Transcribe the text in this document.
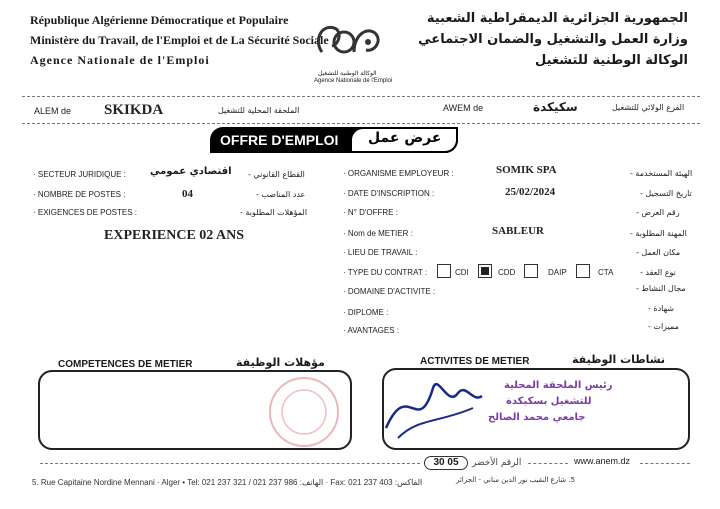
République Algérienne Démocratique et Populaire
Ministère du Travail, de l'Emploi et de La Sécurité Sociale
Agence Nationale de l'Emploi
الجمهورية الجزائرية الديمقراطية الشعبية
وزارة العمل والتشغيل والضمان الاجتماعي
الوكالة الوطنية للتشغيل
الوكالة الوطنية للتشغيل
Agence Nationale de l'Emploi
ALEM de SKIKDA	الملحقة المحلية للتشغيل	AWEM de	سكيكدة	الفرع الولائي للتشغيل
OFFRE D'EMPLOI عرض عمل
· SECTEUR JURIDIQUE : اقتصادي عمومي القطاع القانوني -
· NOMBRE DE POSTES :	04	عدد المناصب -
· EXIGENCES DE POSTES :	المؤهلات المطلوبة -
EXPERIENCE 02 ANS
· ORGANISME EMPLOYEUR :	SOMIK SPA	الهيئة المستخدمة -
· DATE D'INSCRIPTION :	25/02/2024	تاريخ التسجيل -
· N° D'OFFRE :	رقم العرض -
· Nom de METIER :	SABLEUR	المهنة المطلوبة -
· LIEU DE TRAVAIL :	مكان العمل -
· TYPE DU CONTRAT :	نوع العقد -
CDI	CDD	DAIP	CTA
· DOMAINE D'ACTIVITE :	مجال النشاط -
· DIPLOME :	شهادة -
· AVANTAGES :	مميزات -
COMPETENCES DE METIER	مؤهلات الوظيفة	ACTIVITES DE METIER	نشاطات الوظيفة
رئيس الملحقة المحلية
للتشغيل بسكيكدة
جامعي محمد الصالح
30 05	الرقم الأخضر	www.anem.dz
5. Rue Capitaine Nordine Mennani · Alger • Tel: 021 237 321 / 021 237 986 :الهاتف · Fax: 021 237 403 :الفاكس	5. شارع النقيب نور الدين مناني - الجزائر
